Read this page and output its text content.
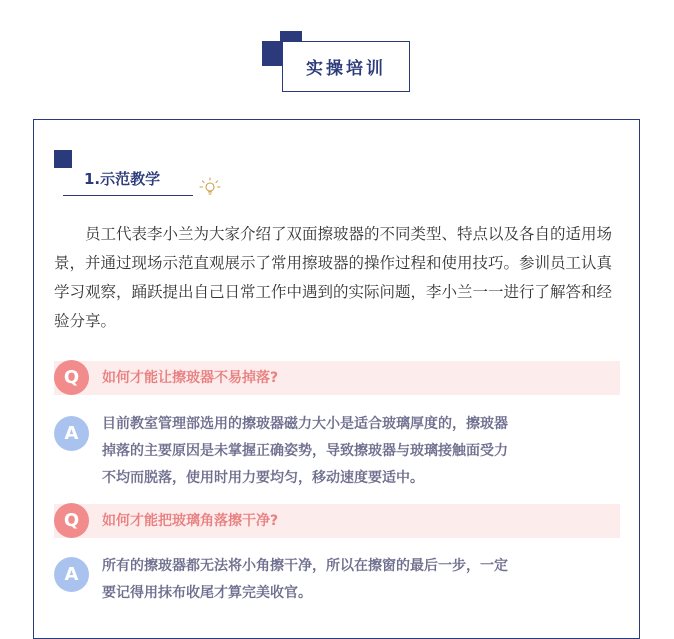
实操培训
1.示范教学

员工代表李小兰为大家介绍了双面擦玻器的不同类型、特点以及各自的适用场景，并通过现场示范直观展示了常用擦玻器的操作过程和使用技巧。参训员工认真学习观察，踊跃提出自己日常工作中遇到的实际问题，李小兰一一进行了解答和经验分享。

Q	如何才能让擦玻器不易掉落?
A	目前教室管理部选用的擦玻器磁力大小是适合玻璃厚度的，擦玻器
掉落的主要原因是未掌握正确姿势，导致擦玻器与玻璃接触面受力
不均而脱落，使用时用力要均匀，移动速度要适中。
Q	如何才能把玻璃角落擦干净?
A	所有的擦玻器都无法将小角擦干净，所以在擦窗的最后一步，一定
要记得用抹布收尾才算完美收官。
